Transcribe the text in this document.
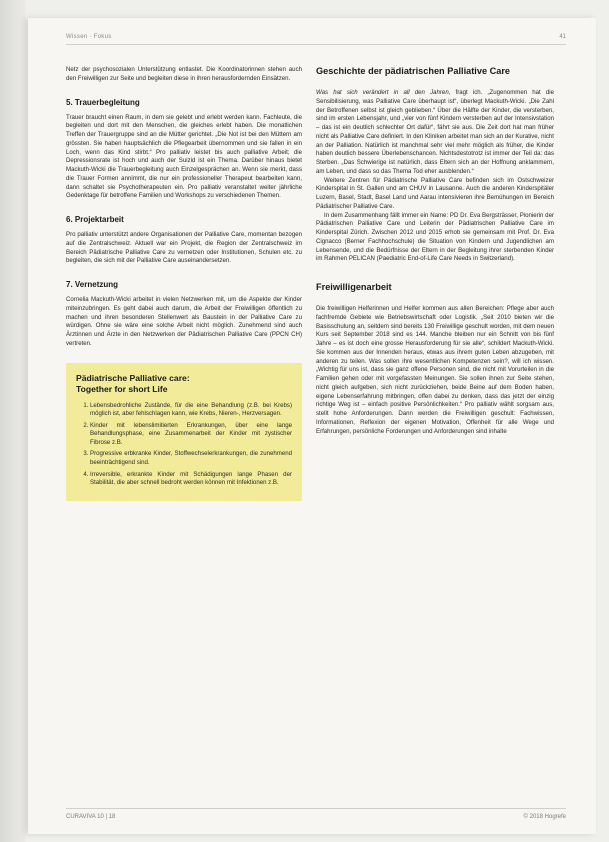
Wissen · Fokus	41

Netz der psychosozialen Unterstützung entlastet. Die Koordinatorinnen stehen auch den Freiwilligen zur Seite und begleiten diese in ihren herausfordernden Einsätzen.

5. Trauerbegleitung

Trauer braucht einen Raum, in dem sie gelebt und erlebt werden kann. Fachleute, die begleiten und dort mit den Menschen, die gleiches erlebt haben. Die monatlichen Treffen der Trauergruppe sind an die Mütter gerichtet. „Die Not ist bei den Müttern am grössten. Sie haben hauptsächlich die Pflegearbeit übernommen und sie fallen in ein Loch, wenn das Kind stirbt.“ Pro palliativ leistet bis auch palliative Arbeit; die Depressionsrate ist hoch und auch der Suizid ist ein Thema. Darüber hinaus bietet Mackuth-Wicki die Trauerbegleitung auch Einzelgesprächen an. Wenn sie merkt, dass die Trauer Formen annimmt, die nur ein professioneller Therapeut bearbeiten kann, dann schaltet sie Psychotherapeuten ein. Pro palliativ veranstaltet weiter jährliche Gedenktage für betroffene Familien und Workshops zu verschiedenen Themen.

6. Projektarbeit

Pro palliativ unterstützt andere Organisationen der Palliative Care, momentan bezogen auf die Zentralschweiz. Aktuell war ein Projekt, die Region der Zentralschweiz im Bereich Pädiatrische Palliative Care zu vernetzen oder Institutionen, Schulen etc. zu begleiten, die sich mit der Palliative Care auseinandersetzen.

7. Vernetzung

Cornelia Mackuth-Wicki arbeitet in vielen Netzwerken mit, um die Aspekte der Kinder miteinzubringen. Es geht dabei auch darum, die Arbeit der Freiwilligen öffentlich zu machen und ihren besonderen Stellenwert als Baustein in der Palliative Care zu würdigen. Ohne sie wäre eine solche Arbeit nicht möglich. Zunehmend sind auch Ärztinnen und Ärzte in den Netzwerken der Pädiatrischen Palliative Care (PPCN CH) vertreten.

Pädiatrische Palliative care:
Together for short Life
1. Lebensbedrohliche Zustände, für die eine Behandlung (z.B. bei Krebs) möglich ist, aber fehlschlagen kann, wie Krebs, Nieren-, Herzversagen.
2. Kinder mit lebenslimitierten Erkrankungen, über eine lange Behandlungsphase, eine Zusammenarbeit der Kinder mit zystischer Fibrose z.B.
3. Progressive erbkranke Kinder, Stoffwechselerkrankungen, die zunehmend beeinträchtigend sind.
4. Irreversible, erkrankte Kinder mit Schädigungen lange Phasen der Stabilität, die aber schnell bedroht werden können mit Infektionen z.B.
Geschichte der pädiatrischen Palliative Care

Was hat sich verändert in all den Jahren, fragt ich. „Zugenommen hat die Sensibilisierung, was Palliative Care überhaupt ist“, überlegt Mackuth-Wicki. „Die Zahl der Betroffenen selbst ist gleich geblieben.“ Über die Hälfte der Kinder, die versterben, sind im ersten Lebensjahr, und „vier von fünf Kindern versterben auf der Intensivstation – das ist ein deutlich schlechter Ort dafür“, fährt sie aus. Die Zeit dort hat man früher nicht als Palliative Care definiert. In den Kliniken arbeitet man sich an der Kurative, nicht an der Palliation. Natürlich ist manchmal sehr viel mehr möglich als früher, die Kinder haben deutlich bessere Überlebenschancen. Nichtsdestotrotz ist immer der Teil da: das Sterben. „Das Schwierige ist natürlich, dass Eltern sich an der Hoffnung anklammern, am Leben, und dass so das Thema Tod eher ausblenden.“

Weitere Zentren für Pädiatrische Palliative Care befinden sich im Ostschweizer Kinderspital in St. Gallen und am CHUV in Lausanne. Auch die anderen Kinderspitäler Luzern, Basel, Stadt, Basel Land und Aarau intensivieren ihre Bemühungen im Bereich Pädiatrischer Palliative Care.

In dem Zusammenhang fällt immer ein Name: PD Dr. Eva Bergsträsser, Pionierin der Pädiatrischen Palliative Care und Leiterin der Pädiatrischen Palliative Care im Kinderspital Zürich. Zwischen 2012 und 2015 erhob sie gemeinsam mit Prof. Dr. Eva Cignacco (Berner Fachhochschule) die Situation von Kindern und Jugendlichen am Lebensende, und die Bedürfnisse der Eltern in der Begleitung ihrer sterbenden Kinder im Rahmen PELICAN (Paediatric End-of-Life Care Needs in Switzerland).

Freiwilligenarbeit

Die freiwilligen Helferinnen und Helfer kommen aus allen Bereichen: Pflege aber auch fachfremde Gebiete wie Betriebswirtschaft oder Logistik. „Seit 2010 bieten wir die Basisschulung an, seitdem sind bereits 130 Freiwillige geschult worden, mit dem neuen Kurs seit September 2018 sind es 144. Manche bleiben nur ein Schnitt von bis fünf Jahre – es ist doch eine grosse Herausforderung für sie alle“, schildert Mackuth-Wicki. Sie kommen aus der Innenden heraus, etwas aus ihrem guten Leben abzugeben, mit anderen zu teilen. Was sollen ihre wesentlichen Kompetenzen sein?, will ich wissen. „Wichtig für uns ist, dass sie ganz offene Personen sind, die nicht mit Vorurteilen in die Familien gehen oder mit vorgefassten Meinungen. Sie sollen ihnen zur Seite stehen, nicht gleich aufgeben, sich nicht zurückziehen, beide Beine auf dem Boden haben, eigene Lebenserfahrung mitbringen, offen dabei zu denken, dass das jetzt der einzig richtige Weg ist – einfach positive Persönlichkeiten.“ Pro palliativ wählt sorgsam aus, stellt hohe Anforderungen. Dann werden die Freiwilligen geschult: Fachwissen, Informationen, Reflexion der eigenen Motivation, Offenheit für alle Wege und Erfahrungen, persönliche Forderungen und Anforderungen sind inhalte

CURAVIVA 10 | 18	© 2018 Hogrefe
